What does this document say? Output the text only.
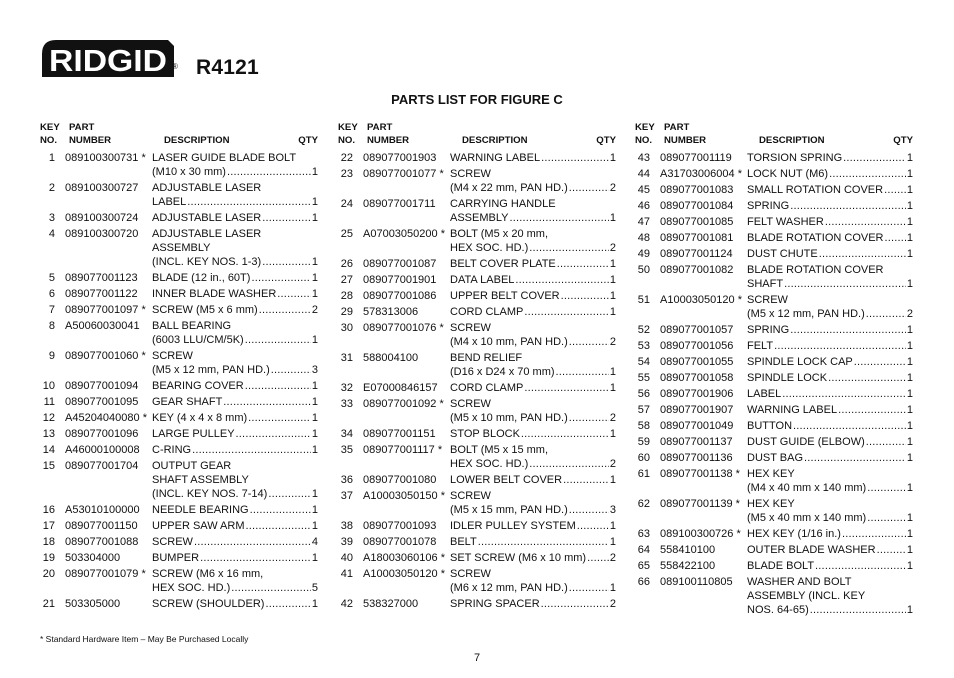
RIDGID ® R4121
PARTS LIST FOR FIGURE C
KEY
NO.
PART
NUMBER	DESCRIPTION	QTY
1 089100300731 * LASER GUIDE BLADE BOLT
(M10 x 30 mm) .....	1
2 089100300727 ADJUSTABLE LASER
LABEL .....	1
3 089100300724 ADJUSTABLE LASER .....	1
4 089100300720 ADJUSTABLE LASER
ASSEMBLY
(INCL. KEY NOS. 1-3) .....	1
5 089077001123 BLADE (12 in., 60T) .....	1
6 089077001122 INNER BLADE WASHER .....	1
7 089077001097 * SCREW (M5 x 6 mm) .....	2
8 A50060030041 BALL BEARING
(6003 LLU/CM/5K) .....	1
9 089077001060 * SCREW
(M5 x 12 mm, PAN HD.) .....	3
10 089077001094 BEARING COVER .....	1
11 089077001095 GEAR SHAFT .....	1
12 A45204040080 * KEY (4 x 4 x 8 mm) .....	1
13 089077001096 LARGE PULLEY .....	1
14 A46000100008 C-RING .....	1
15 089077001704 OUTPUT GEAR
SHAFT ASSEMBLY
(INCL. KEY NOS. 7-14) .....	1
16 A53010100000 NEEDLE BEARING .....	1
17 089077001150 UPPER SAW ARM .....	1
18 089077001088 SCREW .....	4
19 503304000	BUMPER .....	1
20 089077001079 * SCREW (M6 x 16 mm,
HEX SOC. HD.) .....	5
21 503305000	SCREW (SHOULDER) .....	1
KEY
NO.
PART
NUMBER	DESCRIPTION	QTY
22 089077001903 WARNING LABEL .....	1
23 089077001077 * SCREW
(M4 x 22 mm, PAN HD.) .....	2
24 089077001711 CARRYING HANDLE
ASSEMBLY .....	1
25 A07003050200 * BOLT (M5 x 20 mm,
HEX SOC. HD.) .....	2
26 089077001087 BELT COVER PLATE .....	1
27 089077001901 DATA LABEL .....	1
28 089077001086 UPPER BELT COVER .....	1
29 578313006	CORD CLAMP .....	1
30 089077001076 * SCREW
(M4 x 10 mm, PAN HD.) .....	2
31 588004100	BEND RELIEF
(D16 x D24 x 70 mm) .....	1
32 E07000846157 CORD CLAMP .....	1
33 089077001092 * SCREW
(M5 x 10 mm, PAN HD.) .....	2
34 089077001151 STOP BLOCK .....	1
35 089077001117 * BOLT (M5 x 15 mm,
HEX SOC. HD.) .....	2
36 089077001080 LOWER BELT COVER .....	1
37 A10003050150 * SCREW
(M5 x 15 mm, PAN HD.) .....	3
38 089077001093 IDLER PULLEY SYSTEM .....	1
39 089077001078 BELT .....	1
40 A18003060106 * SET SCREW (M6 x 10 mm) ..... 2
41 A10003050120 * SCREW
(M6 x 12 mm, PAN HD.) .....	1
42 538327000	SPRING SPACER .....	2
KEY
NO.
PART
NUMBER	DESCRIPTION	QTY
43 089077001119 TORSION SPRING .....	1
44 A31703006004 * LOCK NUT (M6) .....	1
45 089077001083 SMALL ROTATION COVER ..... 1
46 089077001084 SPRING .....	1
47 089077001085 FELT WASHER .....	1
48 089077001081 BLADE ROTATION COVER ..... 1
49 089077001124 DUST CHUTE .....	1
50 089077001082 BLADE ROTATION COVER
SHAFT .....	1
51 A10003050120 * SCREW
(M5 x 12 mm, PAN HD.) .....	2
52 089077001057 SPRING .....	1
53 089077001056 FELT .....	1
54 089077001055 SPINDLE LOCK CAP .....	1
55 089077001058 SPINDLE LOCK .....	1
56 089077001906 LABEL .....	1
57 089077001907 WARNING LABEL .....	1
58 089077001049 BUTTON .....	1
59 089077001137 DUST GUIDE (ELBOW) .....	1
60 089077001136 DUST BAG .....	1
61 089077001138 * HEX KEY
(M4 x 40 mm x 140 mm) .....	1
62 089077001139 * HEX KEY
(M5 x 40 mm x 140 mm) .....	1
63 089100300726 * HEX KEY (1/16 in.) .....	1
64 558410100	OUTER BLADE WASHER .....	1
65 558422100	BLADE BOLT .....	1
66 089100110805 WASHER AND BOLT
ASSEMBLY (INCL. KEY
NOS. 64-65) .....	1
* Standard Hardware Item – May Be Purchased Locally
7
